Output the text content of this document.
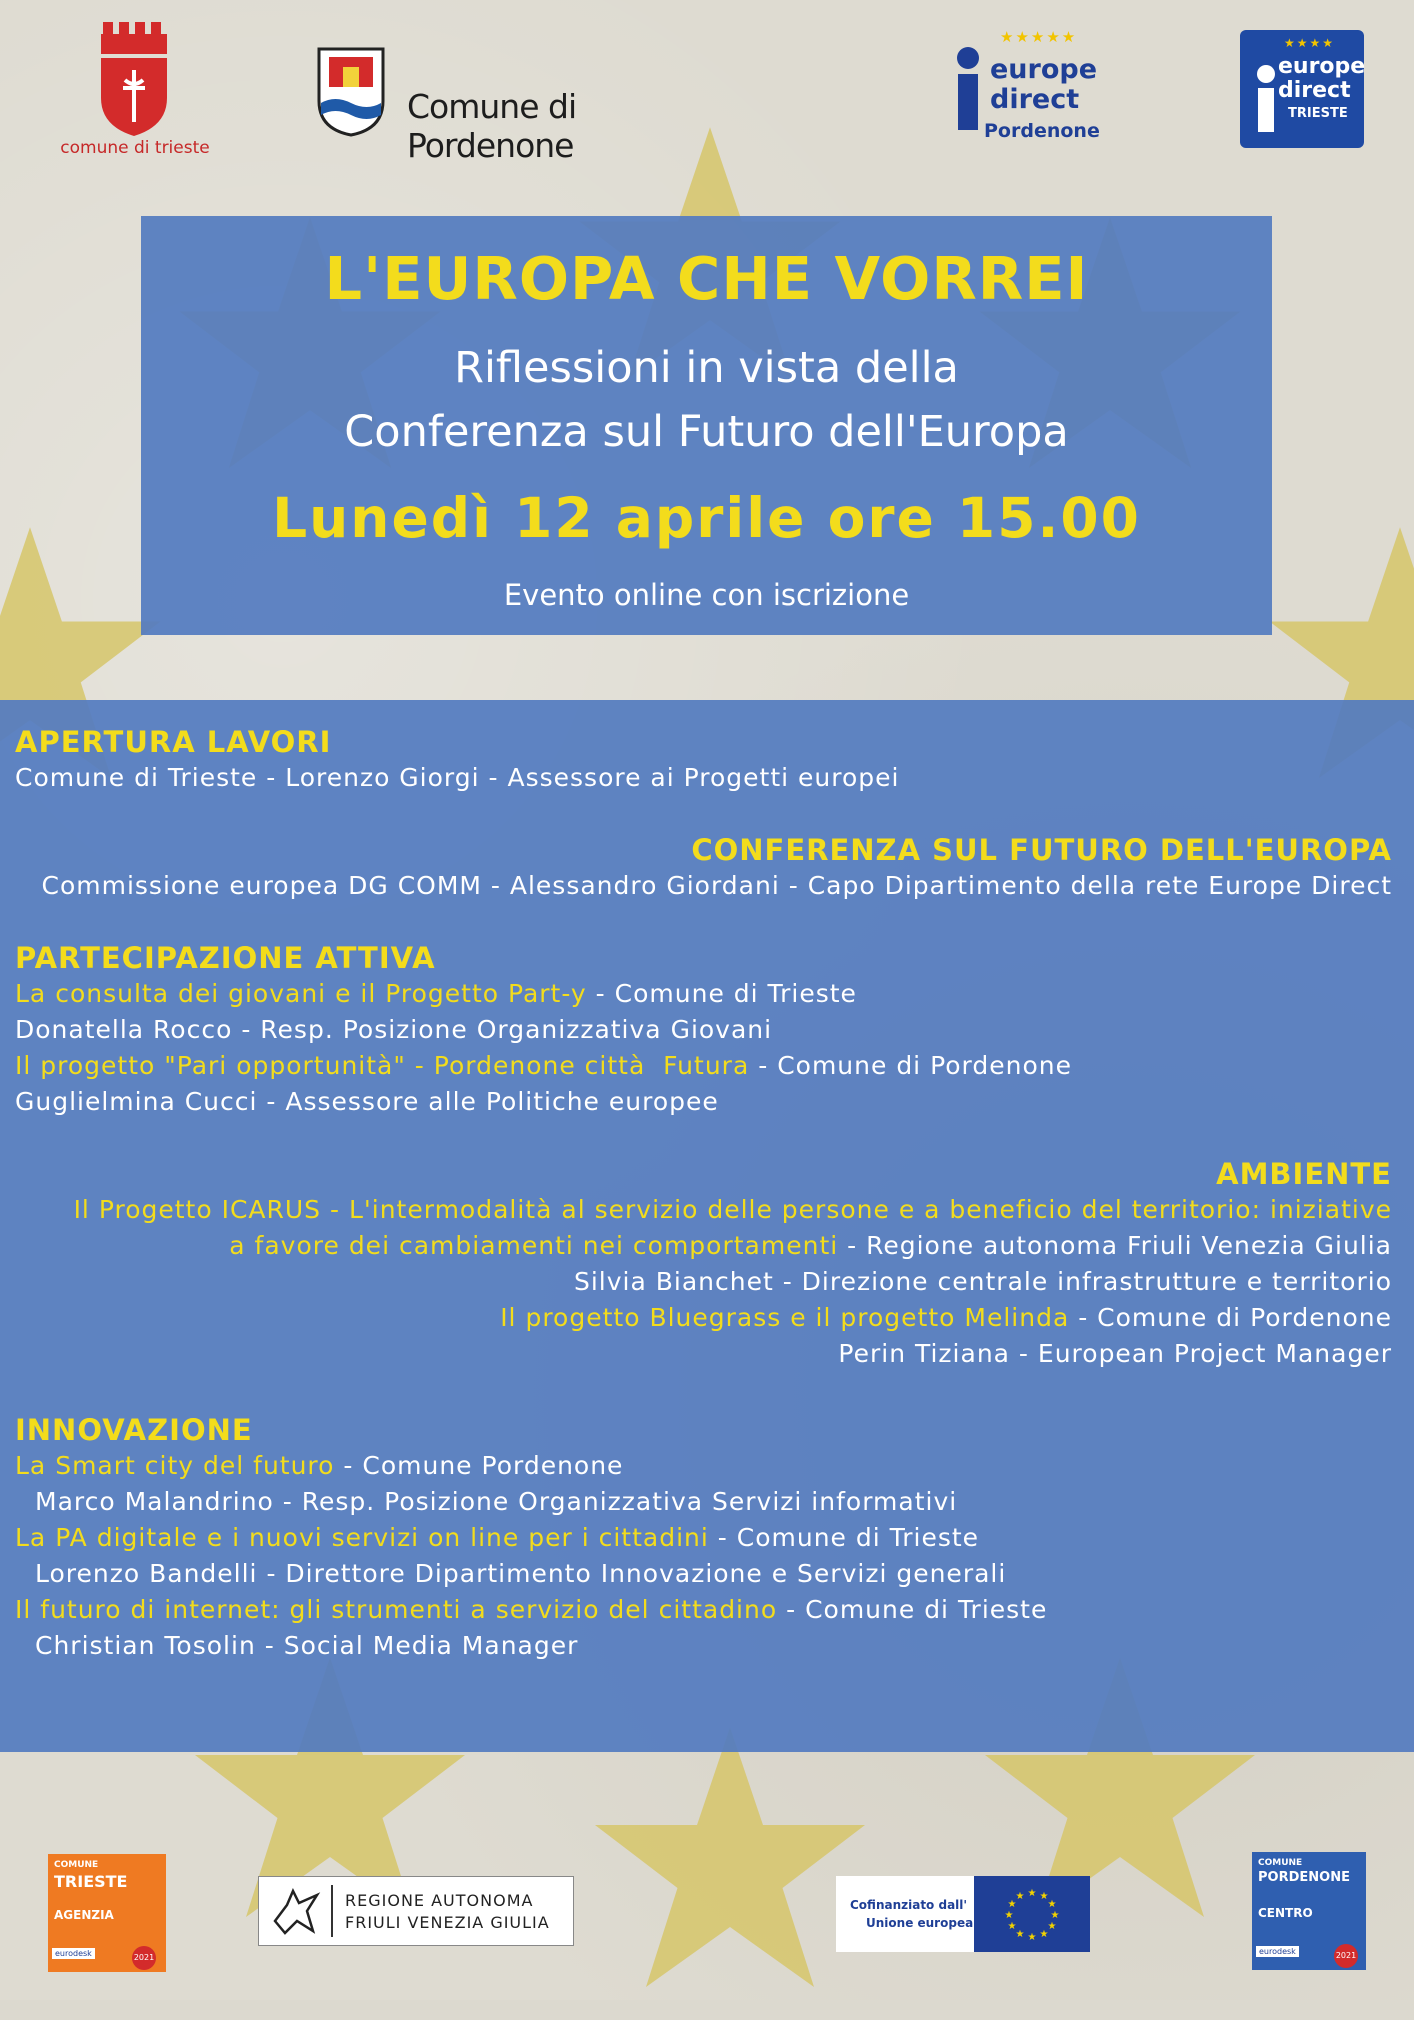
comune di trieste
Comune di Pordenone
europe
direct
Pordenone
★★★★★
europe
direct
TRIESTE
★★★★
L'EUROPA CHE VORREI
Riflessioni in vista della
Conferenza sul Futuro dell'Europa
Lunedì 12 aprile ore 15.00
Evento online con iscrizione
APERTURA LAVORI
Comune di Trieste - Lorenzo Giorgi - Assessore ai Progetti europei
CONFERENZA SUL FUTURO DELL'EUROPA
Commissione europea DG COMM - Alessandro Giordani - Capo Dipartimento della rete Europe Direct
PARTECIPAZIONE ATTIVA
La consulta dei giovani e il Progetto Part-y - Comune di Trieste
Donatella Rocco - Resp. Posizione Organizzativa Giovani
Il progetto "Pari opportunità" - Pordenone città  Futura - Comune di Pordenone
Guglielmina Cucci - Assessore alle Politiche europee
AMBIENTE
Il Progetto ICARUS - L'intermodalità al servizio delle persone e a beneficio del territorio: iniziative
a favore dei cambiamenti nei comportamenti - Regione autonoma Friuli Venezia Giulia
Silvia Bianchet - Direzione centrale infrastrutture e territorio
Il progetto Bluegrass e il progetto Melinda - Comune di Pordenone
Perin Tiziana - European Project Manager
INNOVAZIONE
La Smart city del futuro - Comune Pordenone
Marco Malandrino - Resp. Posizione Organizzativa Servizi informativi
La PA digitale e i nuovi servizi on line per i cittadini - Comune di Trieste
Lorenzo Bandelli - Direttore Dipartimento Innovazione e Servizi generali
Il futuro di internet: gli strumenti a servizio del cittadino - Comune di Trieste
Christian Tosolin - Social Media Manager
COMUNE
TRIESTE
AGENZIA
eurodesk	2021
REGIONE AUTONOMA
FRIULI VENEZIA GIULIA
Cofinanziato dall'
Unione europea
★ ★
★
★
★
★
★
★
★
★
★
★
COMUNE
PORDENONE
CENTRO
eurodesk	2021
